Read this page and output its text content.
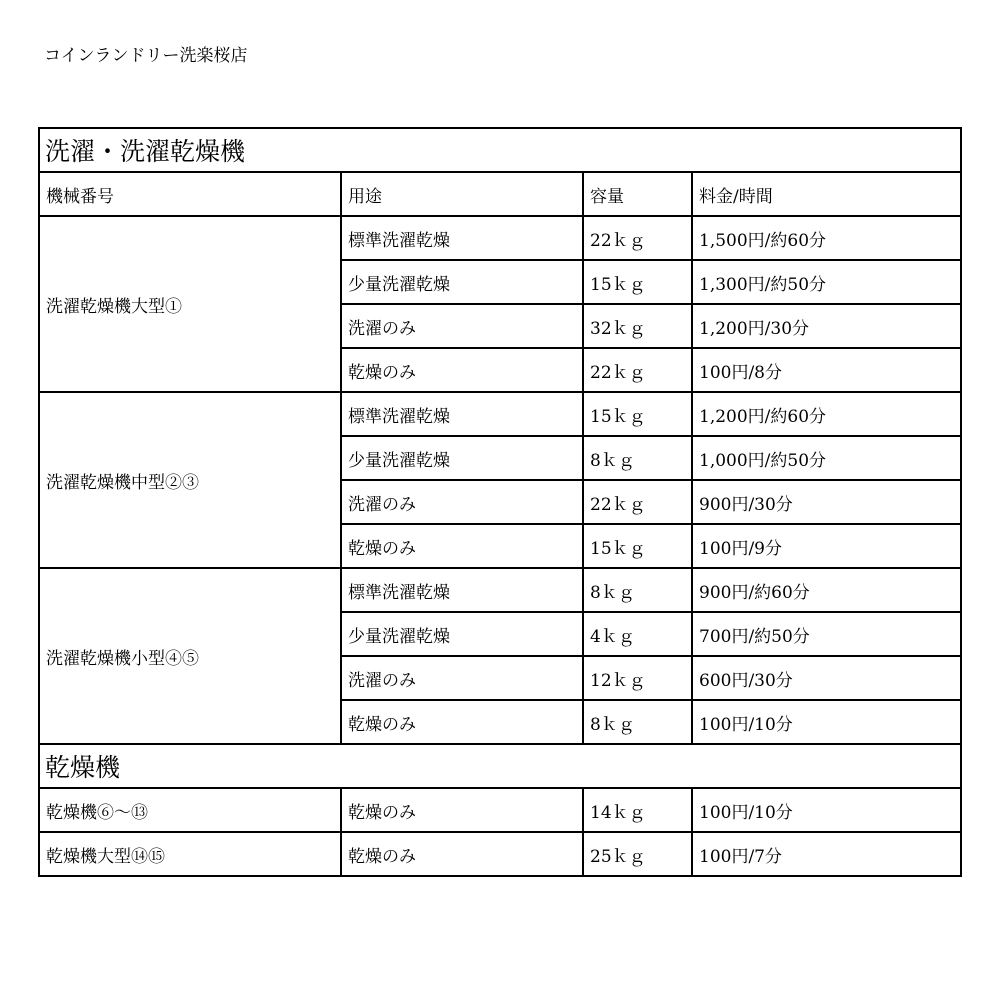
コインランドリー洗楽桜店
洗濯・洗濯乾燥機			
機械番号	用途	容量	料金/時間
洗濯乾燥機大型①	標準洗濯乾燥	22ｋｇ	1,500円/約60分
	少量洗濯乾燥	15ｋｇ	1,300円/約50分
	洗濯のみ	32ｋｇ	1,200円/30分
	乾燥のみ	22ｋｇ	100円/8分
洗濯乾燥機中型②③	標準洗濯乾燥	15ｋｇ	1,200円/約60分
	少量洗濯乾燥	8ｋｇ	1,000円/約50分
	洗濯のみ	22ｋｇ	900円/30分
	乾燥のみ	15ｋｇ	100円/9分
洗濯乾燥機小型④⑤	標準洗濯乾燥	8ｋｇ	900円/約60分
	少量洗濯乾燥	4ｋｇ	700円/約50分
	洗濯のみ	12ｋｇ	600円/30分
	乾燥のみ	8ｋｇ	100円/10分
乾燥機			
乾燥機⑥～⑬	乾燥のみ	14ｋｇ	100円/10分
乾燥機大型⑭⑮	乾燥のみ	25ｋｇ	100円/7分
